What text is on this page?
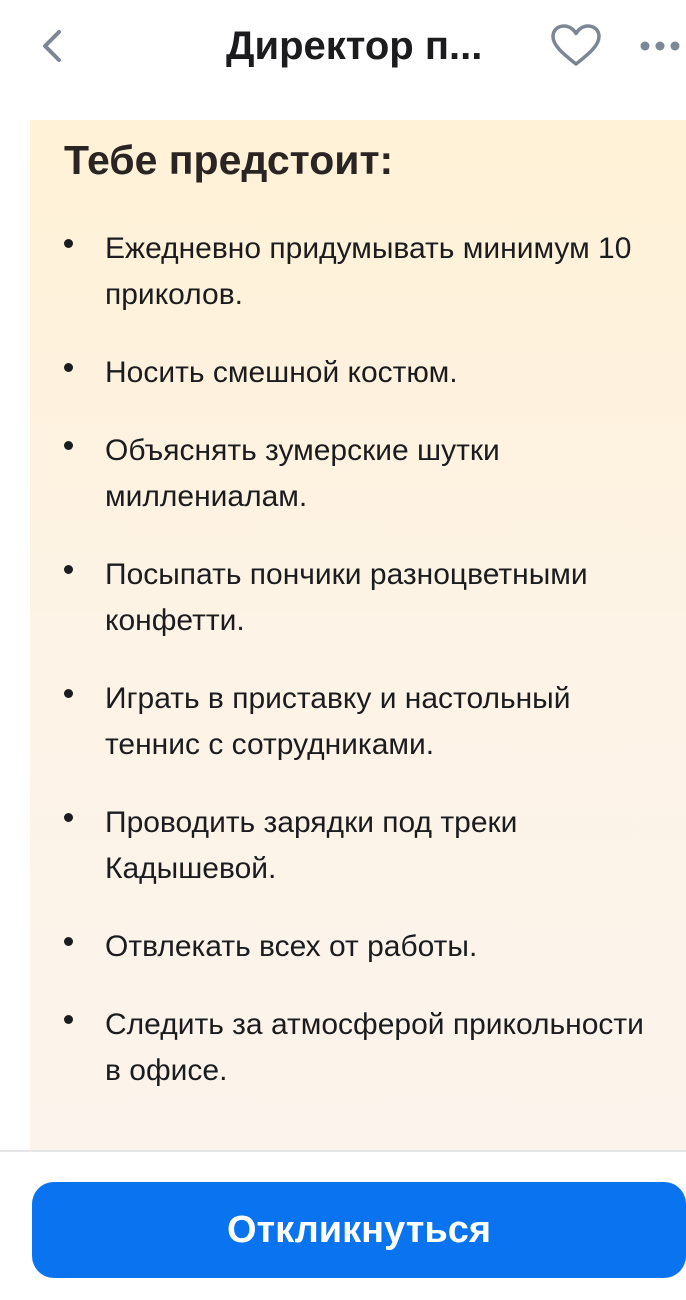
Директор п...
Тебе предстоит:
Ежедневно придумывать минимум 10 приколов.
Носить смешной костюм.
Объяснять зумерские шутки миллениалам.
Посыпать пончики разноцветными конфетти.
Играть в приставку и настольный теннис с сотрудниками.
Проводить зарядки под треки Кадышевой.
Отвлекать всех от работы.
Следить за атмосферой прикольности в офисе.
Откликнуться
